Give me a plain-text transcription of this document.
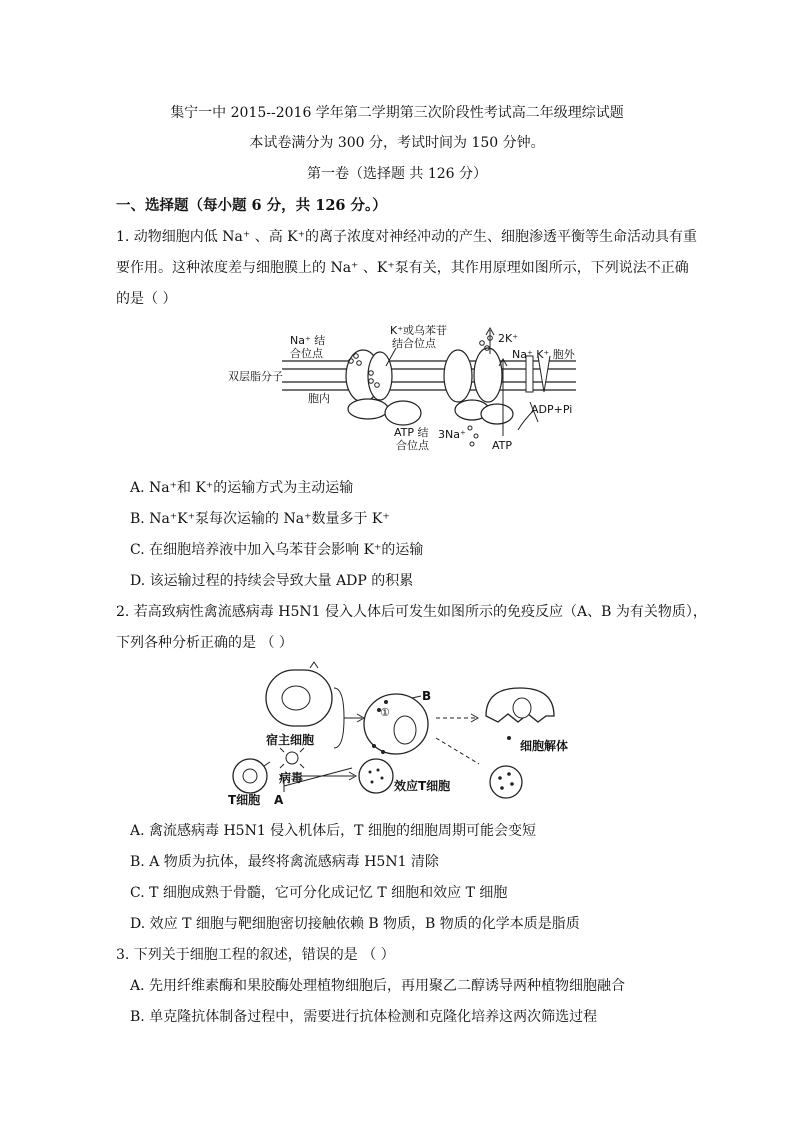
集宁一中 2015--2016 学年第二学期第三次阶段性考试高二年级理综试题
本试卷满分为 300 分，考试时间为 150 分钟。
第一卷（选择题 共 126 分）
一、选择题（每小题 6 分，共 126 分。）
1. 动物细胞内低 Na⁺ 、高 K⁺的离子浓度对神经冲动的产生、细胞渗透平衡等生命活动具有重
要作用。这种浓度差与细胞膜上的 Na⁺ 、K⁺泵有关，其作用原理如图所示，下列说法不正确
的是（ ）
Na⁺ 结
合位点
K⁺或乌苯苷
结合位点	2K⁺
Na⁺ K⁺ 胞外
双层脂分子
胞内
ADP+Pi
ATP 结
合位点
3Na⁺
ATP
A. Na⁺和 K⁺的运输方式为主动运输
B. Na⁺K⁺泵每次运输的 Na⁺数量多于 K⁺
C. 在细胞培养液中加入乌苯苷会影响 K⁺的运输
D. 该运输过程的持续会导致大量 ADP 的积累
2. 若高致病性禽流感病毒 H5N1 侵入人体后可发生如图所示的免疫反应（A、B 为有关物质），
下列各种分析正确的是 （ ）
宿主细胞
病毒
①
B
细胞解体
T细胞 A
效应T细胞
A. 禽流感病毒 H5N1 侵入机体后，T 细胞的细胞周期可能会变短
B. A 物质为抗体，最终将禽流感病毒 H5N1 清除
C. T 细胞成熟于骨髓，它可分化成记忆 T 细胞和效应 T 细胞
D. 效应 T 细胞与靶细胞密切接触依赖 B 物质，B 物质的化学本质是脂质
3. 下列关于细胞工程的叙述，错误的是 （ ）
A. 先用纤维素酶和果胶酶处理植物细胞后，再用聚乙二醇诱导两种植物细胞融合
B. 单克隆抗体制备过程中，需要进行抗体检测和克隆化培养这两次筛选过程
